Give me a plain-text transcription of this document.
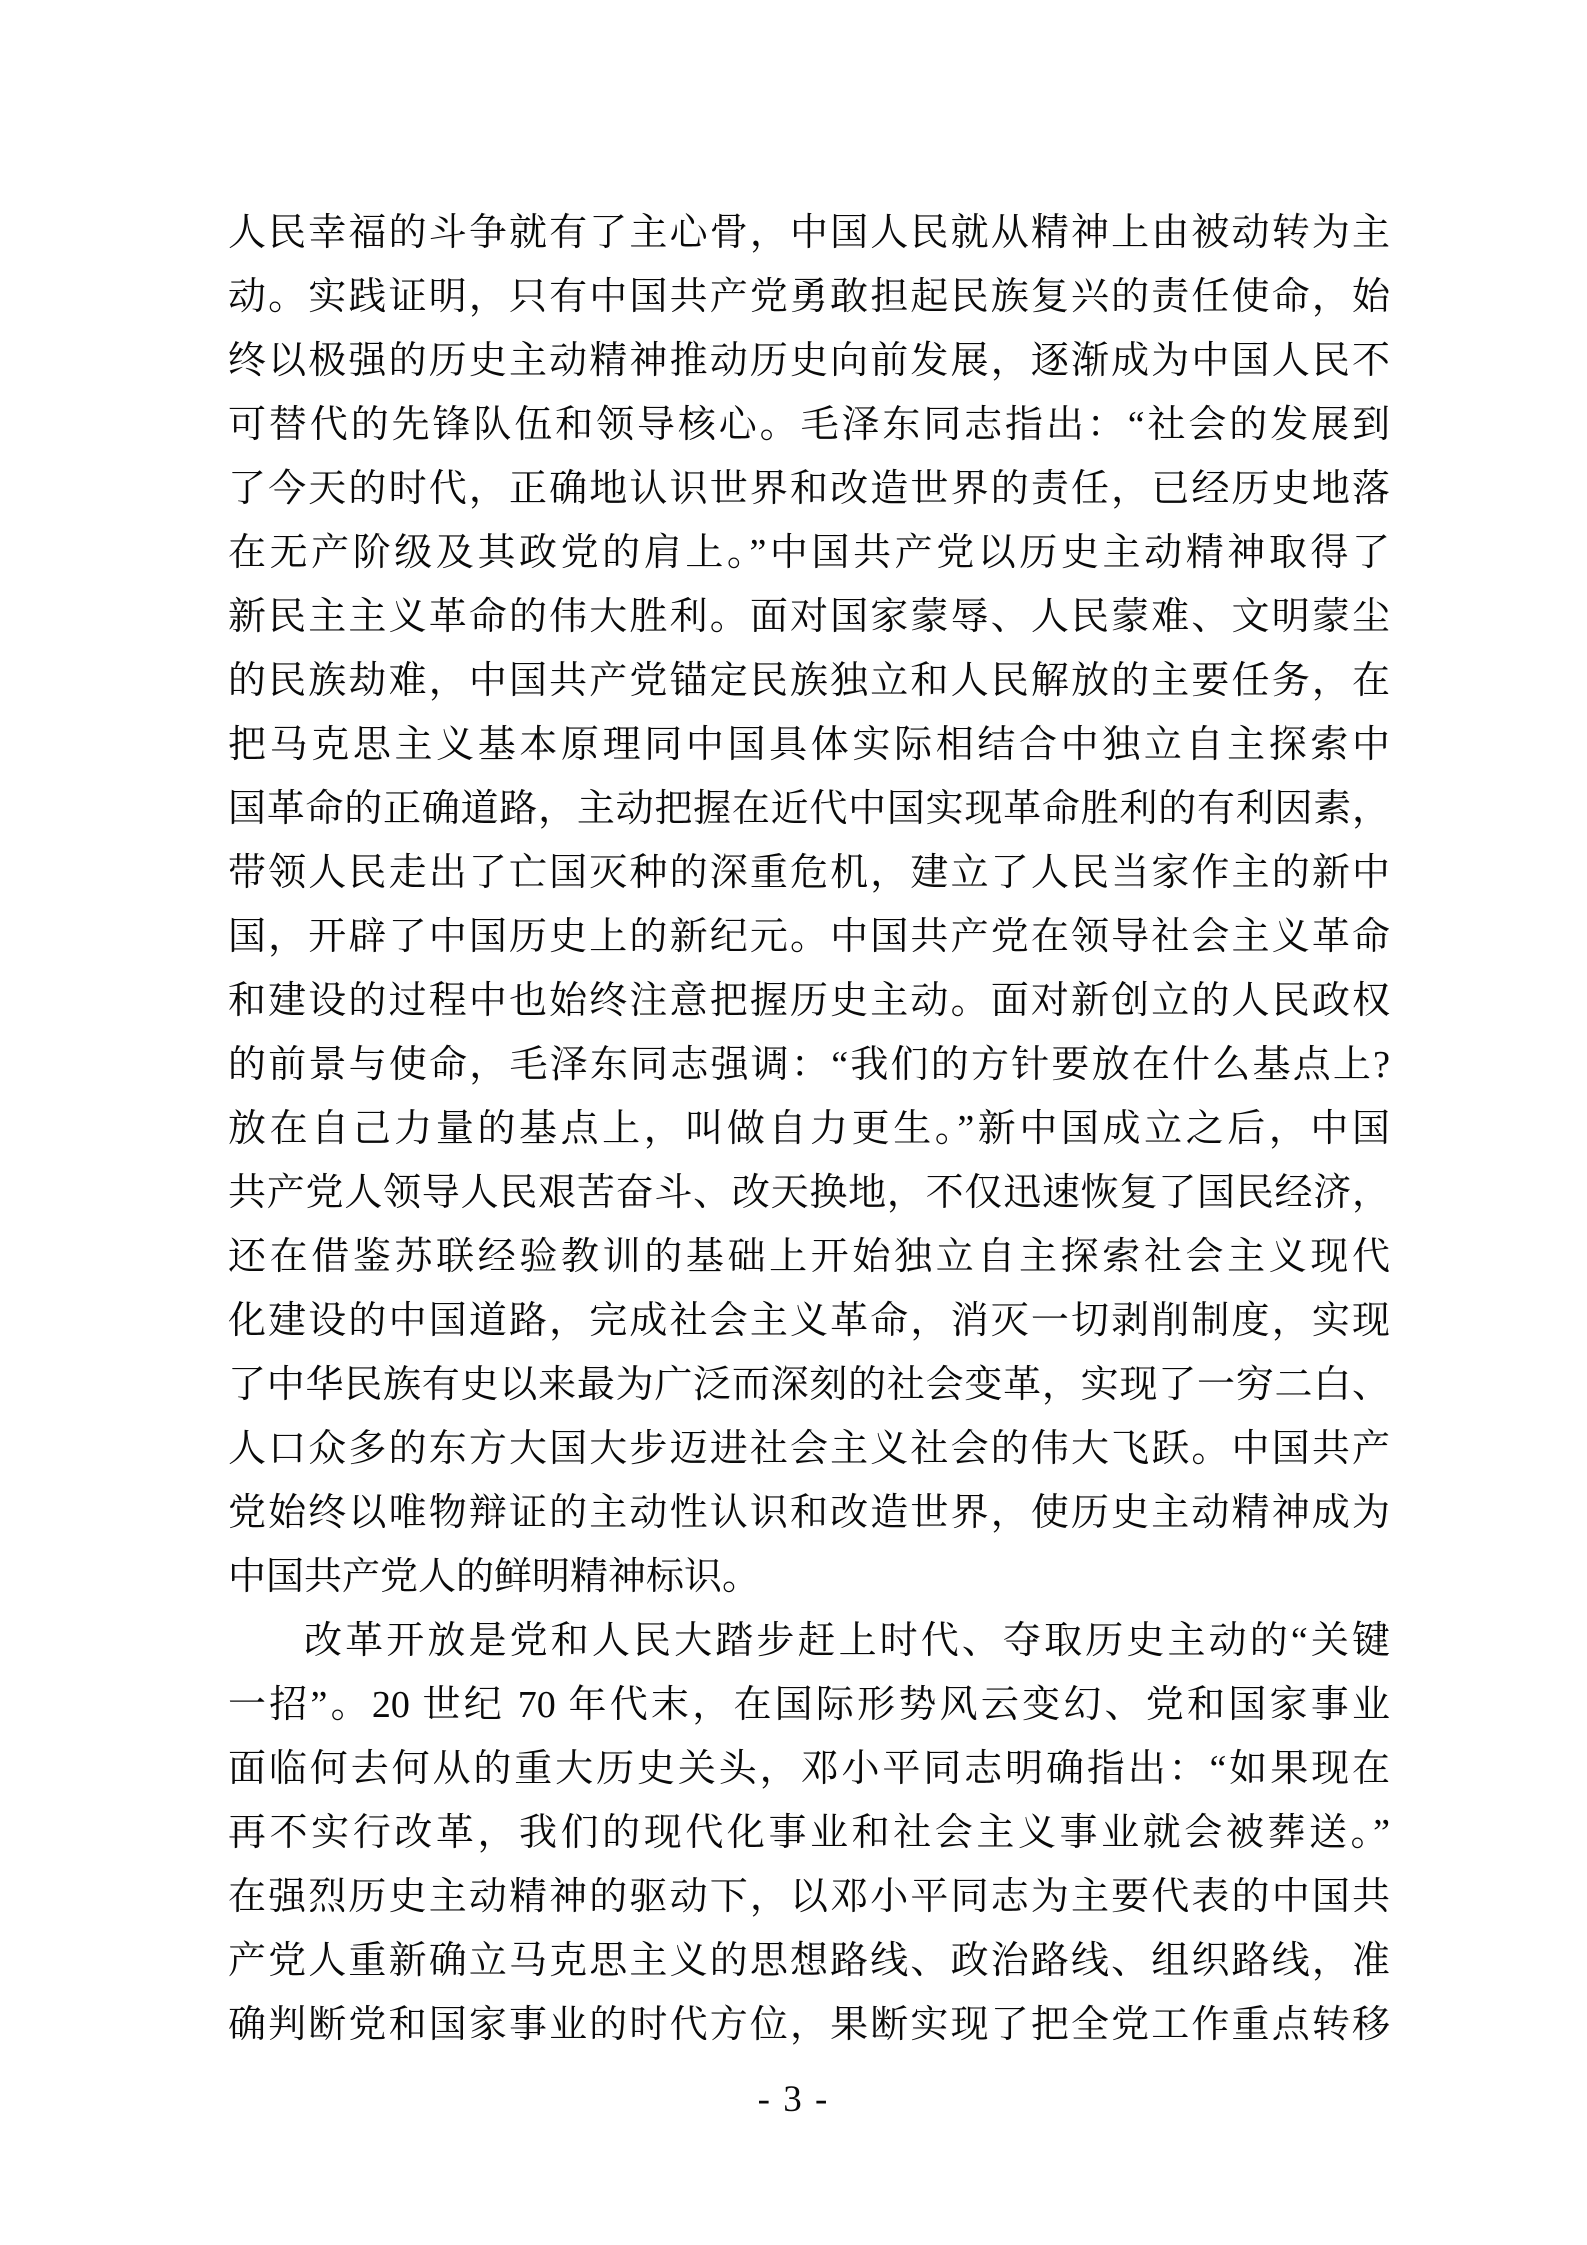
人民幸福的斗争就有了主心骨，中国人民就从精神上由被动转为主
动。实践证明，只有中国共产党勇敢担起民族复兴的责任使命，始
终以极强的历史主动精神推动历史向前发展，逐渐成为中国人民不
可替代的先锋队伍和领导核心。毛泽东同志指出：“社会的发展到
了今天的时代，正确地认识世界和改造世界的责任，已经历史地落
在无产阶级及其政党的肩上。”中国共产党以历史主动精神取得了
新民主主义革命的伟大胜利。面对国家蒙辱、人民蒙难、文明蒙尘
的民族劫难，中国共产党锚定民族独立和人民解放的主要任务，在
把马克思主义基本原理同中国具体实际相结合中独立自主探索中
国革命的正确道路，主动把握在近代中国实现革命胜利的有利因素，
带领人民走出了亡国灭种的深重危机，建立了人民当家作主的新中
国，开辟了中国历史上的新纪元。中国共产党在领导社会主义革命
和建设的过程中也始终注意把握历史主动。面对新创立的人民政权
的前景与使命，毛泽东同志强调：“我们的方针要放在什么基点上?
放在自己力量的基点上，叫做自力更生。”新中国成立之后，中国
共产党人领导人民艰苦奋斗、改天换地，不仅迅速恢复了国民经济，
还在借鉴苏联经验教训的基础上开始独立自主探索社会主义现代
化建设的中国道路，完成社会主义革命，消灭一切剥削制度，实现
了中华民族有史以来最为广泛而深刻的社会变革，实现了一穷二白、
人口众多的东方大国大步迈进社会主义社会的伟大飞跃。中国共产
党始终以唯物辩证的主动性认识和改造世界，使历史主动精神成为
中国共产党人的鲜明精神标识。
改革开放是党和人民大踏步赶上时代、夺取历史主动的“关键
一招”。20 世纪 70 年代末，在国际形势风云变幻、党和国家事业
面临何去何从的重大历史关头，邓小平同志明确指出：“如果现在
再不实行改革，我们的现代化事业和社会主义事业就会被葬送。”
在强烈历史主动精神的驱动下，以邓小平同志为主要代表的中国共
产党人重新确立马克思主义的思想路线、政治路线、组织路线，准
确判断党和国家事业的时代方位，果断实现了把全党工作重点转移
- 3 -
